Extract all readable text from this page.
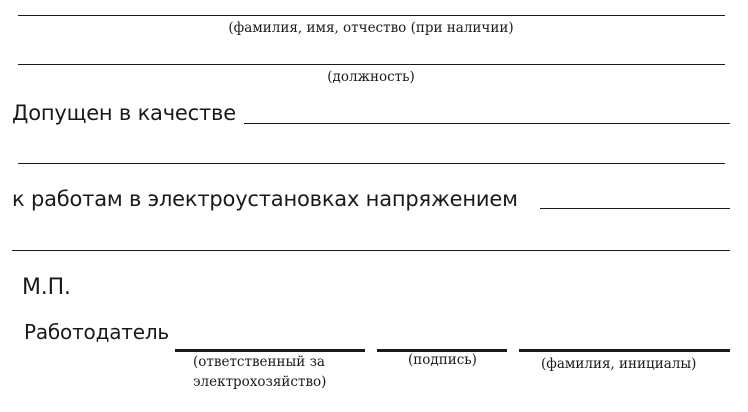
(фамилия, имя, отчество (при наличии)
(должность)
Допущен в качестве
к работам в электроустановках напряжением
М.П.
Работодатель
(ответственный за
электрохозяйство)
(подпись)	(фамилия, инициалы)
